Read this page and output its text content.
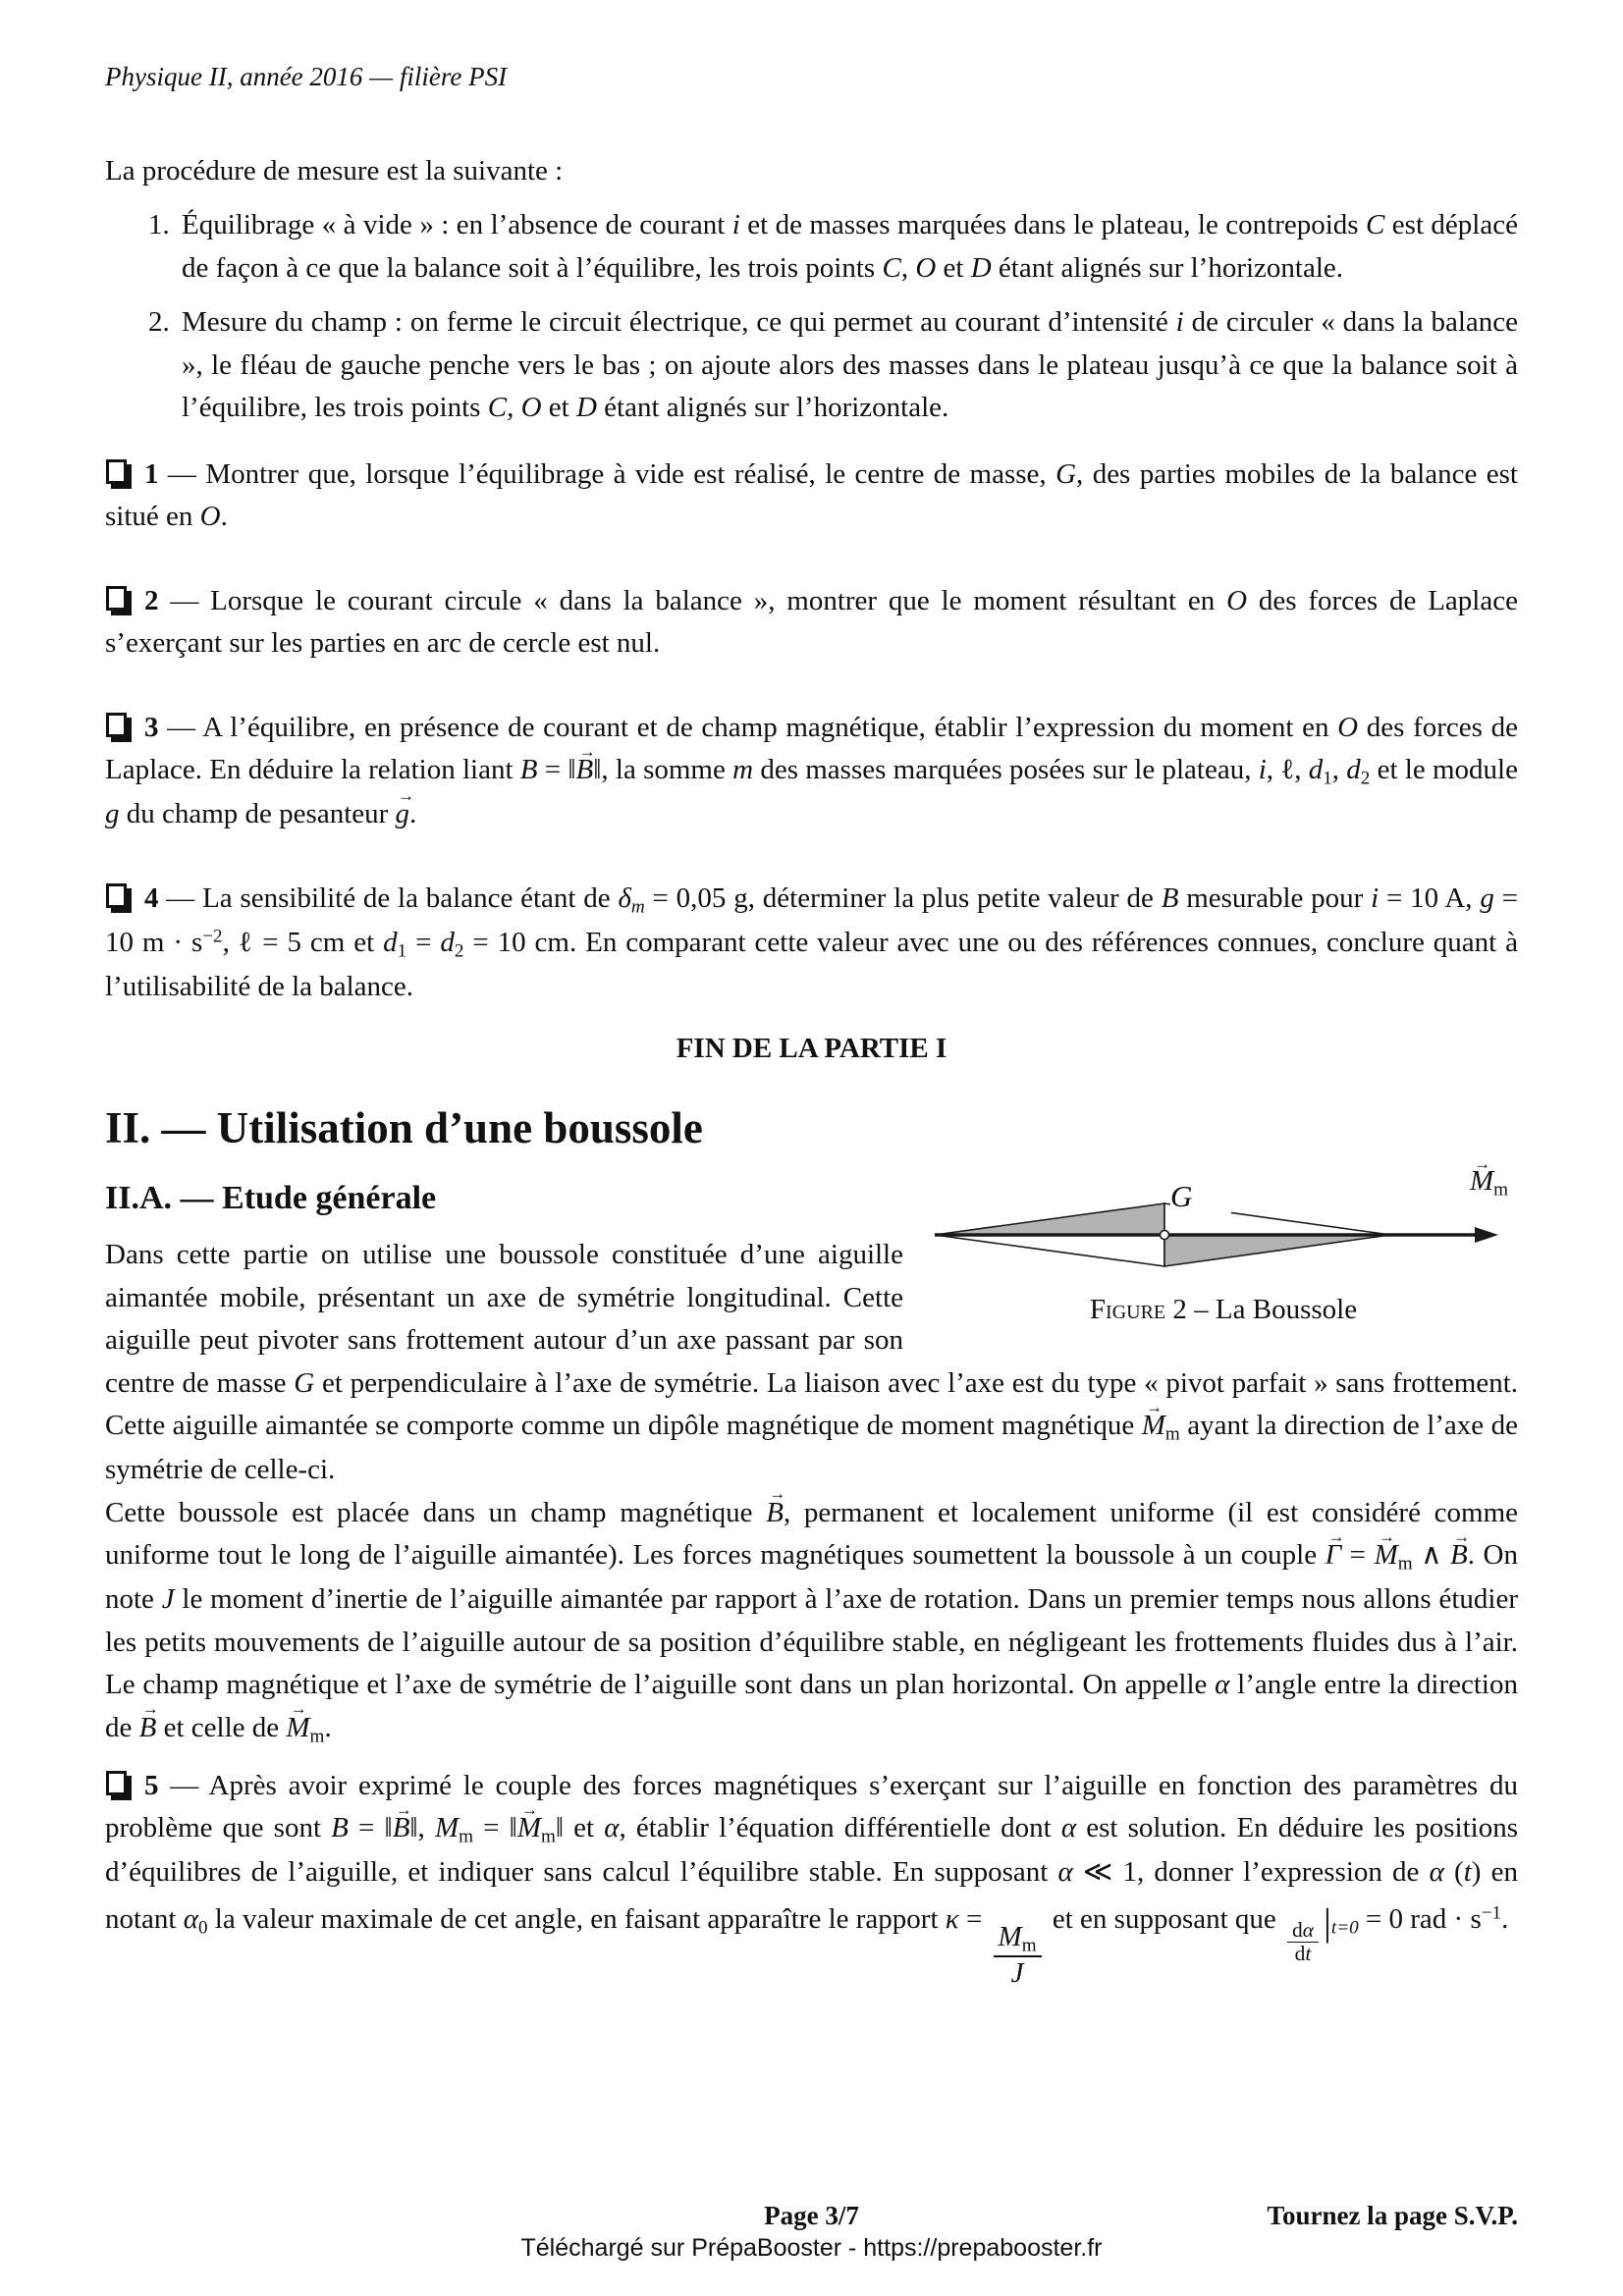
Physique II, année 2016 — filière PSI

La procédure de mesure est la suivante :

1. Équilibrage « à vide » : en l’absence de courant i et de masses marquées dans le plateau, le contrepoids C est déplacé de façon à ce que la balance soit à l’équilibre, les trois points C, O et D étant alignés sur l’horizontale.
2. Mesure du champ : on ferme le circuit électrique, ce qui permet au courant d’intensité i de circuler « dans la balance », le fléau de gauche penche vers le bas ; on ajoute alors des masses dans le plateau jusqu’à ce que la balance soit à l’équilibre, les trois points C, O et D étant alignés sur l’horizontale.

1 — Montrer que, lorsque l’équilibrage à vide est réalisé, le centre de masse, G, des parties mobiles de la balance est situé en O.

2 — Lorsque le courant circule « dans la balance », montrer que le moment résultant en O des forces de Laplace s’exerçant sur les parties en arc de cercle est nul.

3 — A l’équilibre, en présence de courant et de champ magnétique, établir l’expression du moment en O des forces de Laplace. En déduire la relation liant B = ‖B →‖, la somme m des masses marquées posées sur le plateau, i, ℓ, d1, d2 et le module g du champ de pesanteur g →.

4 — La sensibilité de la balance étant de δm = 0,05 g, déterminer la plus petite valeur de B mesurable pour i = 10 A, g = 10 $m \cdot s^{-2}$, ℓ = 5 cm et d1 = d2 = 10 cm. En comparant cette valeur avec une ou des références connues, conclure quant à l’utilisabilité de la balance.

FIN DE LA PARTIE I

II. — Utilisation d’une boussole
G	M →m
Figure 2 – La Boussole
II.A. — Etude générale

Dans cette partie on utilise une boussole constituée d’une aiguille aimantée mobile, présentant un axe de symétrie longitudinal. Cette aiguille peut pivoter sans frottement autour d’un axe passant par son centre de masse G et perpendiculaire à l’axe de symétrie. La liaison avec l’axe est du type « pivot parfait » sans frottement. Cette aiguille aimantée se comporte comme un dipôle magnétique de moment magnétique M →m ayant la direction de l’axe de symétrie de celle-ci.

Cette boussole est placée dans un champ magnétique B →, permanent et localement uniforme (il est considéré comme uniforme tout le long de l’aiguille aimantée). Les forces magnétiques soumettent la boussole à un couple Γ → = M →m ∧ B →. On note J le moment d’inertie de l’aiguille aimantée par rapport à l’axe de rotation. Dans un premier temps nous allons étudier les petits mouvements de l’aiguille autour de sa position d’équilibre stable, en négligeant les frottements fluides dus à l’air. Le champ magnétique et l’axe de symétrie de l’aiguille sont dans un plan horizontal. On appelle α l’angle entre la direction de B → et celle de M →m.

5 — Après avoir exprimé le couple des forces magnétiques s’exerçant sur l’aiguille en fonction des paramètres du problème que sont B = ‖B →‖, Mm = ‖M →m‖ et α, établir l’équation différentielle dont α est solution. En déduire les positions d’équilibres de l’aiguille, et indiquer sans calcul l’équilibre stable. En supposant α ≪ 1, donner l’expression de α (t) en notant α0 la valeur maximale de cet angle, en faisant apparaître le rapport κ =
$\frac{Mm}{J}$
et en supposant que
$\frac{d\alpha}{dt} |t=0 = 0$ rad · $s^{-1}$.

Page 3/7	Tournez la page S.V.P.
Téléchargé sur PrépaBooster - https://prepabooster.fr
